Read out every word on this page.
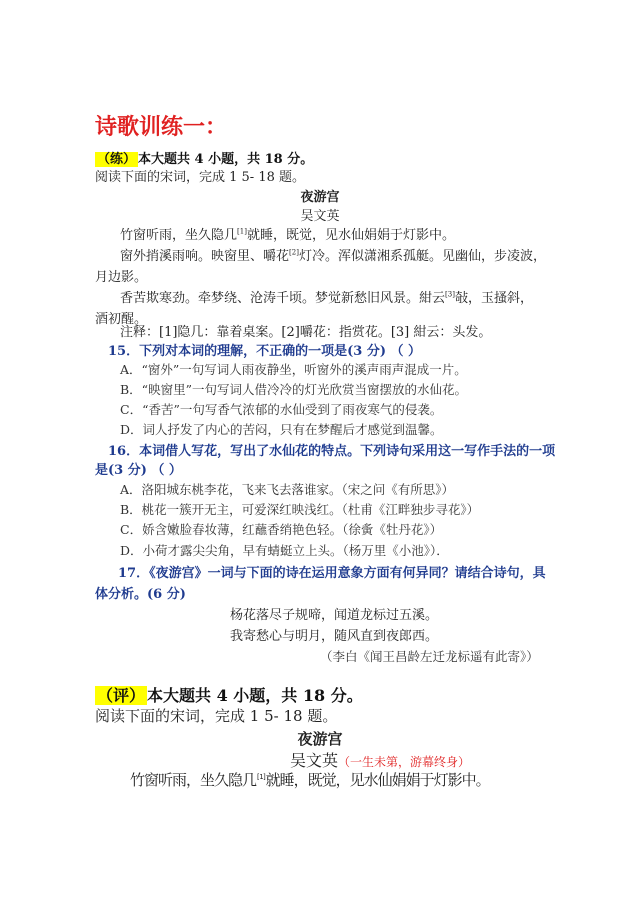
诗歌训练一：
（练） 本大题共 4 小题，共 18 分。
阅读下面的宋词，完成 1 5- 18 题。
夜游宫
吴文英
竹窗听雨，坐久隐几[1]就睡，既觉，见水仙娟娟于灯影中。
窗外捎溪雨响。映窗里、嚼花[2]灯冷。浑似潇湘系孤艇。见幽仙，步凌波，
月边影。
香苦欺寒劲。牵梦绕、沧涛千顷。梦觉新愁旧风景。紺云[3]敧，玉搔斜，
酒初醒。
注释：[1]隐几：靠着桌案。[2]嚼花：指赏花。[3] 紺云：头发。
15．下列对本词的理解，不正确的一项是(3 分) （ ）
A．“窗外”一句写词人雨夜静坐，听窗外的溪声雨声混成一片。
B．“映窗里”一句写词人借冷冷的灯光欣赏当窗摆放的水仙花。
C．“香苦”一句写香气浓郁的水仙受到了雨夜寒气的侵袭。
D．词人抒发了内心的苦闷，只有在梦醒后才感觉到温馨。
16．本词借人写花，写出了水仙花的特点。下列诗句采用这一写作手法的一项
是(3 分) （ ）
A．洛阳城东桃李花，飞来飞去落谁家。（宋之问《有所思》）
B．桃花一簇开无主，可爱深红映浅红。（杜甫《江畔独步寻花》）
C．娇含嫩脸春妆薄，红蘸香绡艳色轻。（徐夤《牡丹花》）
D．小荷才露尖尖角，早有蜻蜓立上头。（杨万里《小池》）．
17．《夜游宫》一词与下面的诗在运用意象方面有何异同？请结合诗句，具
体分析。(6 分)
杨花落尽子规啼，闻道龙标过五溪。
我寄愁心与明月，随风直到夜郎西。
（李白《闻王昌龄左迁龙标遥有此寄》）
（评） 本大题共 4 小题，共 18 分。
阅读下面的宋词，完成 1 5- 18 题。
夜游宫
吴文英（一生未第，游幕终身）
竹窗听雨，坐久隐几[1]就睡，既觉，见水仙娟娟于灯影中。
